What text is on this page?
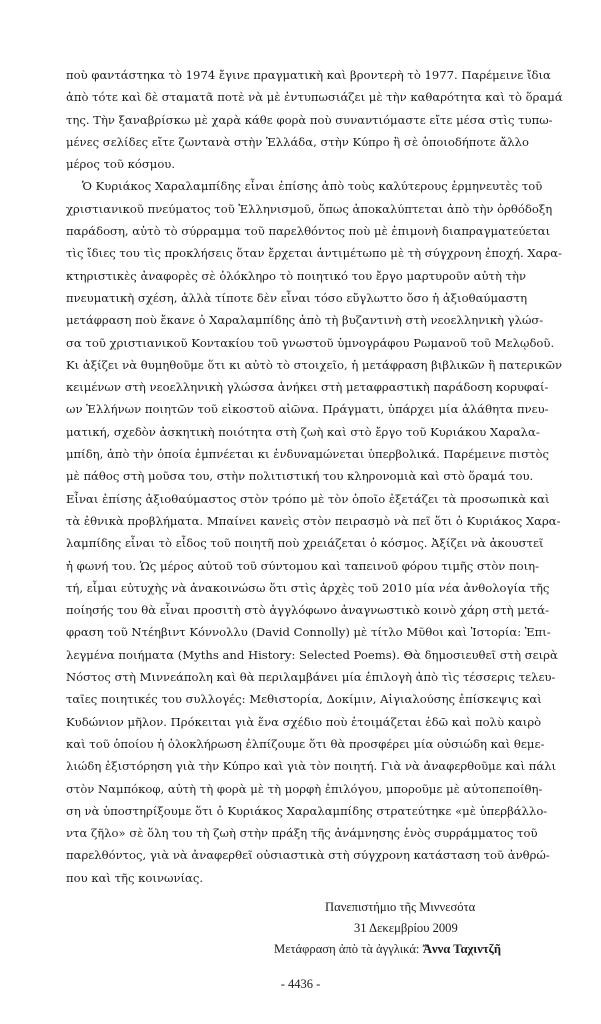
ποὺ φαντάστηκα τὸ 1974 ἔγινε πραγματικὴ καὶ βροντερὴ τὸ 1977. Παρέμεινε ἴδια
ἀπὸ τότε καὶ δὲ σταματᾶ ποτὲ νὰ μὲ ἐντυπωσιάζει μὲ τὴν καθαρότητα καὶ τὸ ὅραμά
της. Τὴν ξαναβρίσκω μὲ χαρὰ κάθε φορὰ ποὺ συναντιόμαστε εἴτε μέσα στὶς τυπω-
μένες σελίδες εἴτε ζωντανὰ στὴν Ἑλλάδα, στὴν Κύπρο ἢ σὲ ὁποιοδήποτε ἄλλο
μέρος τοῦ κόσμου.
Ὁ Κυριάκος Χαραλαμπίδης εἶναι ἐπίσης ἀπὸ τοὺς καλύτερους ἑρμηνευτὲς τοῦ
χριστιανικοῦ πνεύματος τοῦ Ἑλληνισμοῦ, ὅπως ἀποκαλύπτεται ἀπὸ τὴν ὀρθόδοξη
παράδοση, αὐτὸ τὸ σύρραμμα τοῦ παρελθόντος ποὺ μὲ ἐπιμονὴ διαπραγματεύεται
τὶς ἴδιες του τὶς προκλήσεις ὅταν ἔρχεται ἀντιμέτωπο μὲ τὴ σύγχρονη ἐποχή. Χαρα-
κτηριστικὲς ἀναφορὲς σὲ ὁλόκληρο τὸ ποιητικό του ἔργο μαρτυροῦν αὐτὴ τὴν
πνευματικὴ σχέση, ἀλλὰ τίποτε δὲν εἶναι τόσο εὔγλωττο ὅσο ἡ ἀξιοθαύμαστη
μετάφραση ποὺ ἔκανε ὁ Χαραλαμπίδης ἀπὸ τὴ βυζαντινὴ στὴ νεοελληνικὴ γλώσ-
σα τοῦ χριστιανικοῦ Κοντακίου τοῦ γνωστοῦ ὑμνογράφου Ρωμανοῦ τοῦ Μελῳδοῦ.
Κι ἀξίζει νὰ θυμηθοῦμε ὅτι κι αὐτὸ τὸ στοιχεῖο, ἡ μετάφραση βιβλικῶν ἢ πατερικῶν
κειμένων στὴ νεοελληνικὴ γλώσσα ἀνήκει στὴ μεταφραστικὴ παράδοση κορυφαί-
ων Ἑλλήνων ποιητῶν τοῦ εἰκοστοῦ αἰῶνα. Πράγματι, ὑπάρχει μία ἀλάθητα πνευ-
ματική, σχεδὸν ἀσκητικὴ ποιότητα στὴ ζωὴ καὶ στὸ ἔργο τοῦ Κυριάκου Χαραλα-
μπίδη, ἀπὸ τὴν ὁποία ἐμπνέεται κι ἐνδυναμώνεται ὑπερβολικά. Παρέμεινε πιστὸς
μὲ πάθος στὴ μοῦσα του, στὴν πολιτιστική του κληρονομιὰ καὶ στὸ ὅραμά του.
Εἶναι ἐπίσης ἀξιοθαύμαστος στὸν τρόπο μὲ τὸν ὁποῖο ἐξετάζει τὰ προσωπικὰ καὶ
τὰ ἐθνικὰ προβλήματα. Μπαίνει κανεὶς στὸν πειρασμὸ νὰ πεῖ ὅτι ὁ Κυριάκος Χαρα-
λαμπίδης εἶναι τὸ εἶδος τοῦ ποιητῆ ποὺ χρειάζεται ὁ κόσμος. Ἀξίζει νὰ ἀκουστεῖ
ἡ φωνή του. Ὡς μέρος αὐτοῦ τοῦ σύντομου καὶ ταπεινοῦ φόρου τιμῆς στὸν ποιη-
τή, εἶμαι εὐτυχὴς νὰ ἀνακοινώσω ὅτι στὶς ἀρχὲς τοῦ 2010 μία νέα ἀνθολογία τῆς
ποίησής του θὰ εἶναι προσιτὴ στὸ ἀγγλόφωνο ἀναγνωστικὸ κοινὸ χάρη στὴ μετά-
φραση τοῦ Ντέηβιντ Κόννολλυ (David Connolly) μὲ τίτλο Μῦθοι καὶ Ἱστορία: Ἐπι-
λεγμένα ποιήματα (Myths and History: Selected Poems). Θὰ δημοσιευθεῖ στὴ σειρὰ
Νόστος στὴ Μιννεάπολη καὶ θὰ περιλαμβάνει μία ἐπιλογὴ ἀπὸ τὶς τέσσερις τελευ-
ταῖες ποιητικές του συλλογές: Μεθιστορία, Δοκίμιν, Αἰγιαλούσης ἐπίσκεψις καὶ
Κυδώνιον μῆλον. Πρόκειται γιὰ ἕνα σχέδιο ποὺ ἑτοιμάζεται ἐδῶ καὶ πολὺ καιρὸ
καὶ τοῦ ὁποίου ἡ ὁλοκλήρωση ἐλπίζουμε ὅτι θὰ προσφέρει μία οὐσιώδη καὶ θεμε-
λιώδη ἐξιστόρηση γιὰ τὴν Κύπρο καὶ γιὰ τὸν ποιητή. Γιὰ νὰ ἀναφερθοῦμε καὶ πάλι
στὸν Ναμπόκοφ, αὐτὴ τὴ φορὰ μὲ τὴ μορφὴ ἐπιλόγου, μποροῦμε μὲ αὐτοπεποίθη-
ση νὰ ὑποστηρίξουμε ὅτι ὁ Κυριάκος Χαραλαμπίδης στρατεύτηκε «μὲ ὑπερβάλλο-
ντα ζῆλο» σὲ ὅλη του τὴ ζωὴ στὴν πράξη τῆς ἀνάμνησης ἑνὸς συρράμματος τοῦ
παρελθόντος, γιὰ νὰ ἀναφερθεῖ οὐσιαστικὰ στὴ σύγχρονη κατάσταση τοῦ ἀνθρώ-
που καὶ τῆς κοινωνίας.
Πανεπιστήμιο τῆς Μιννεσότα
31 Δεκεμβρίου 2009
Μετάφραση ἀπὸ τὰ ἀγγλικά: Ἄννα Ταχιντζῆ
- 4436 -
